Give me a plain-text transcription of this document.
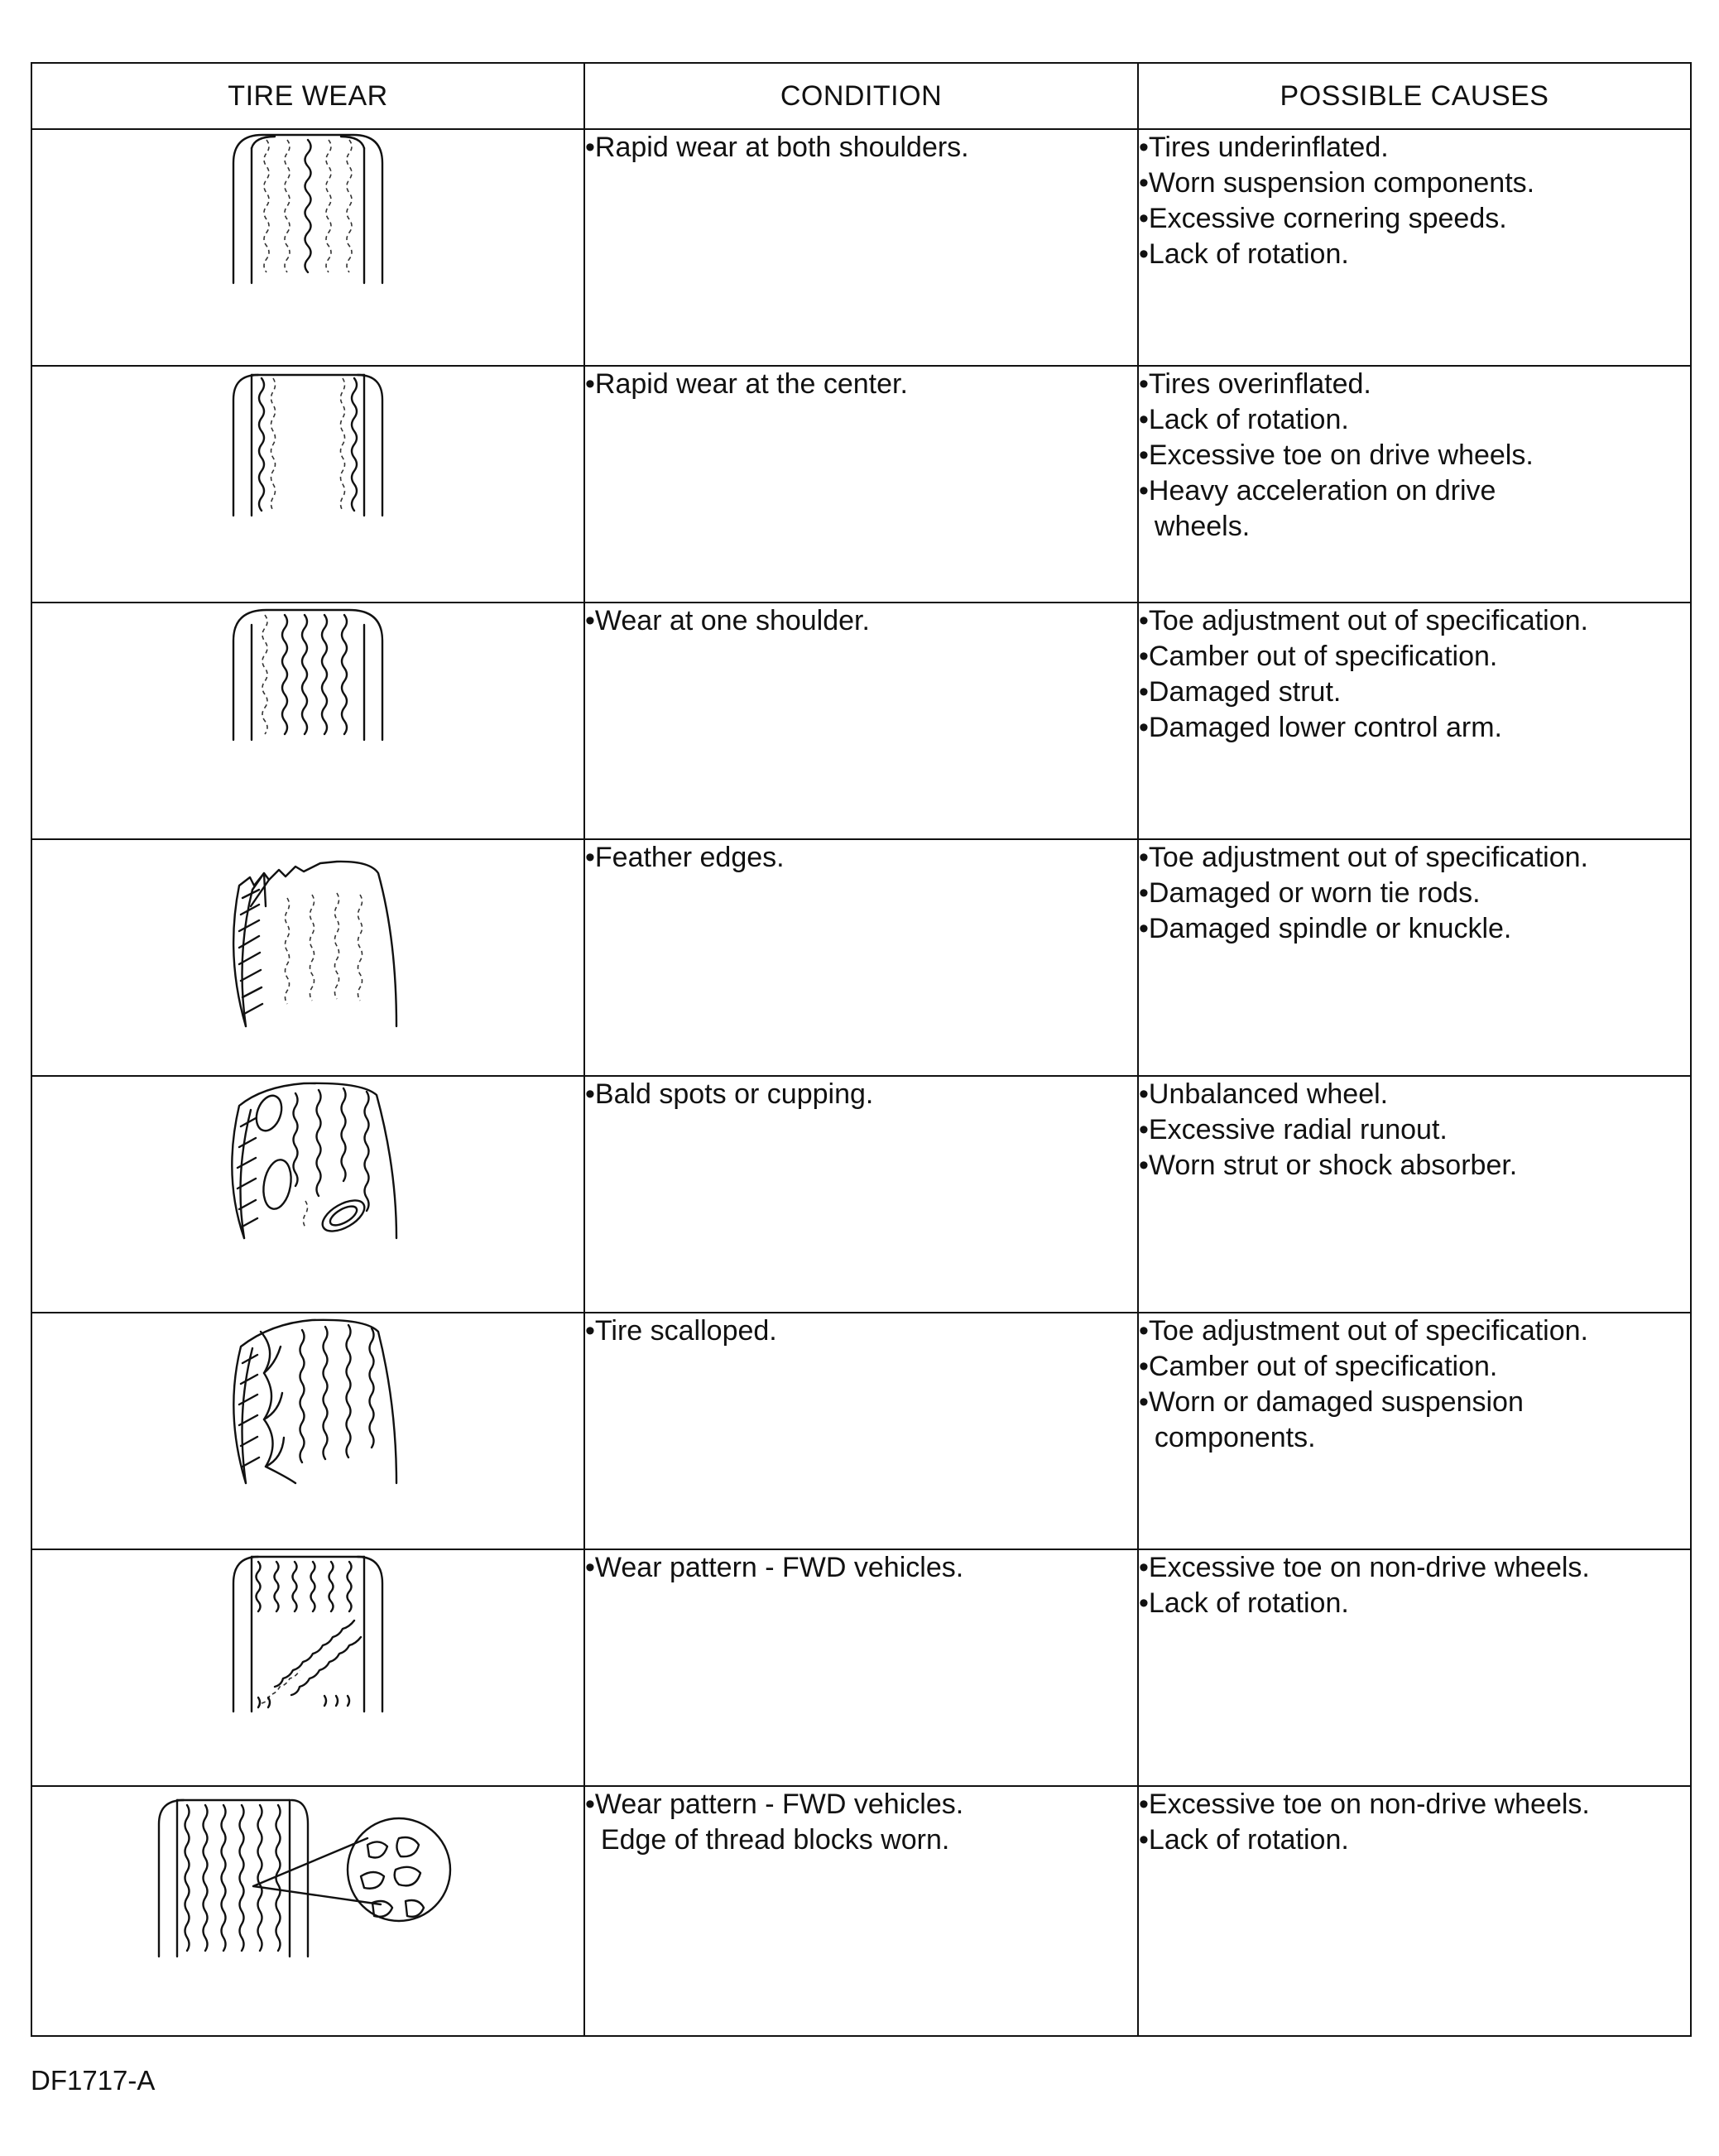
TIRE WEAR	CONDITION	POSSIBLE CAUSES

•Rapid wear at both shoulders.	•Tires underinflated.
•Worn suspension components.
•Excessive cornering speeds.
•Lack of rotation.

•Rapid wear at the center.	•Tires overinflated.
•Lack of rotation.
•Excessive toe on drive wheels.
•Heavy acceleration on drive
wheels.

•Wear at one shoulder.	•Toe adjustment out of specification.
•Camber out of specification.
•Damaged strut.
•Damaged lower control arm.

•Feather edges.	•Toe adjustment out of specification.
•Damaged or worn tie rods.
•Damaged spindle or knuckle.

•Bald spots or cupping.	•Unbalanced wheel.
•Excessive radial runout.
•Worn strut or shock absorber.

•Tire scalloped.	•Toe adjustment out of specification.
•Camber out of specification.
•Worn or damaged suspension
components.

•Wear pattern - FWD vehicles.	•Excessive toe on non-drive wheels.
•Lack of rotation.

•Wear pattern - FWD vehicles.
Edge of thread blocks worn.	•Excessive toe on non-drive wheels.
•Lack of rotation.
DF1717-A
